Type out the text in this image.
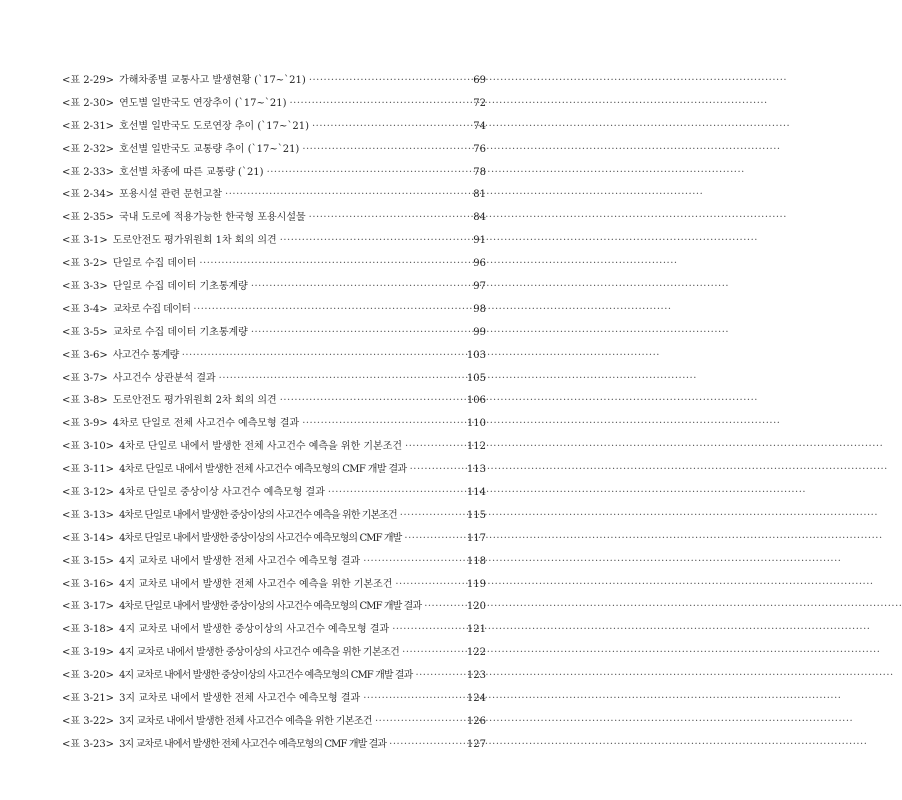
<표 2-29> 가해차종별 교통사고 발생현황 (`17~`21) ·····	69
<표 2-30> 연도별 일반국도 연장추이 (`17~`21) ·····	72
<표 2-31> 호선별 일반국도 도로연장 추이 (`17~`21) ·····	74
<표 2-32> 호선별 일반국도 교통량 추이 (`17~`21) ·····	76
<표 2-33> 호선별 차종에 따른 교통량 (`21) ·····	78
<표 2-34> 포용시설 관련 문헌고찰 ·····	81
<표 2-35> 국내 도로에 적용가능한 한국형 포용시설물 ·····	84
<표 3-1> 도로안전도 평가위원회 1차 회의 의견 ·····	91
<표 3-2> 단일로 수집 데이터 ·····	96
<표 3-3> 단일로 수집 데이터 기초통계량 ·····	97
<표 3-4> 교차로 수집 데이터 ·····	98
<표 3-5> 교차로 수집 데이터 기초통계량 ·····	99
<표 3-6> 사고건수 통계량 ·····	103
<표 3-7> 사고건수 상관분석 결과 ·····	105
<표 3-8> 도로안전도 평가위원회 2차 회의 의견 ·····	106
<표 3-9> 4차로 단일로 전체 사고건수 예측모형 결과 ·····	110
<표 3-10> 4차로 단일로 내에서 발생한 전체 사고건수 예측을 위한 기본조건 ·····	112
<표 3-11> 4차로 단일로 내에서 발생한 전체 사고건수 예측모형의 CMF 개발 결과 ·····	113
<표 3-12> 4차로 단일로 중상이상 사고건수 예측모형 결과 ·····	114
<표 3-13> 4차로 단일로 내에서 발생한 중상이상의 사고건수 예측을 위한 기본조건 ·····	115
<표 3-14> 4차로 단일로 내에서 발생한 중상이상의 사고건수 예측모형의 CMF 개발 ·····	117
<표 3-15> 4지 교차로 내에서 발생한 전체 사고건수 예측모형 결과 ·····	118
<표 3-16> 4지 교차로 내에서 발생한 전체 사고건수 예측을 위한 기본조건 ·····	119
<표 3-17> 4차로 단일로 내에서 발생한 중상이상의 사고건수 예측모형의 CMF 개발 결과 ·····	120
<표 3-18> 4지 교차로 내에서 발생한 중상이상의 사고건수 예측모형 결과 ·····	121
<표 3-19> 4지 교차로 내에서 발생한 중상이상의 사고건수 예측을 위한 기본조건 ·····	122
<표 3-20> 4지 교차로 내에서 발생한 중상이상의 사고건수 예측모형의 CMF 개발 결과 ·····	123
<표 3-21> 3지 교차로 내에서 발생한 전체 사고건수 예측모형 결과 ·····	124
<표 3-22> 3지 교차로 내에서 발생한 전체 사고건수 예측을 위한 기본조건 ·····	126
<표 3-23> 3지 교차로 내에서 발생한 전체 사고건수 예측모형의 CMF 개발 결과 ·····	127
